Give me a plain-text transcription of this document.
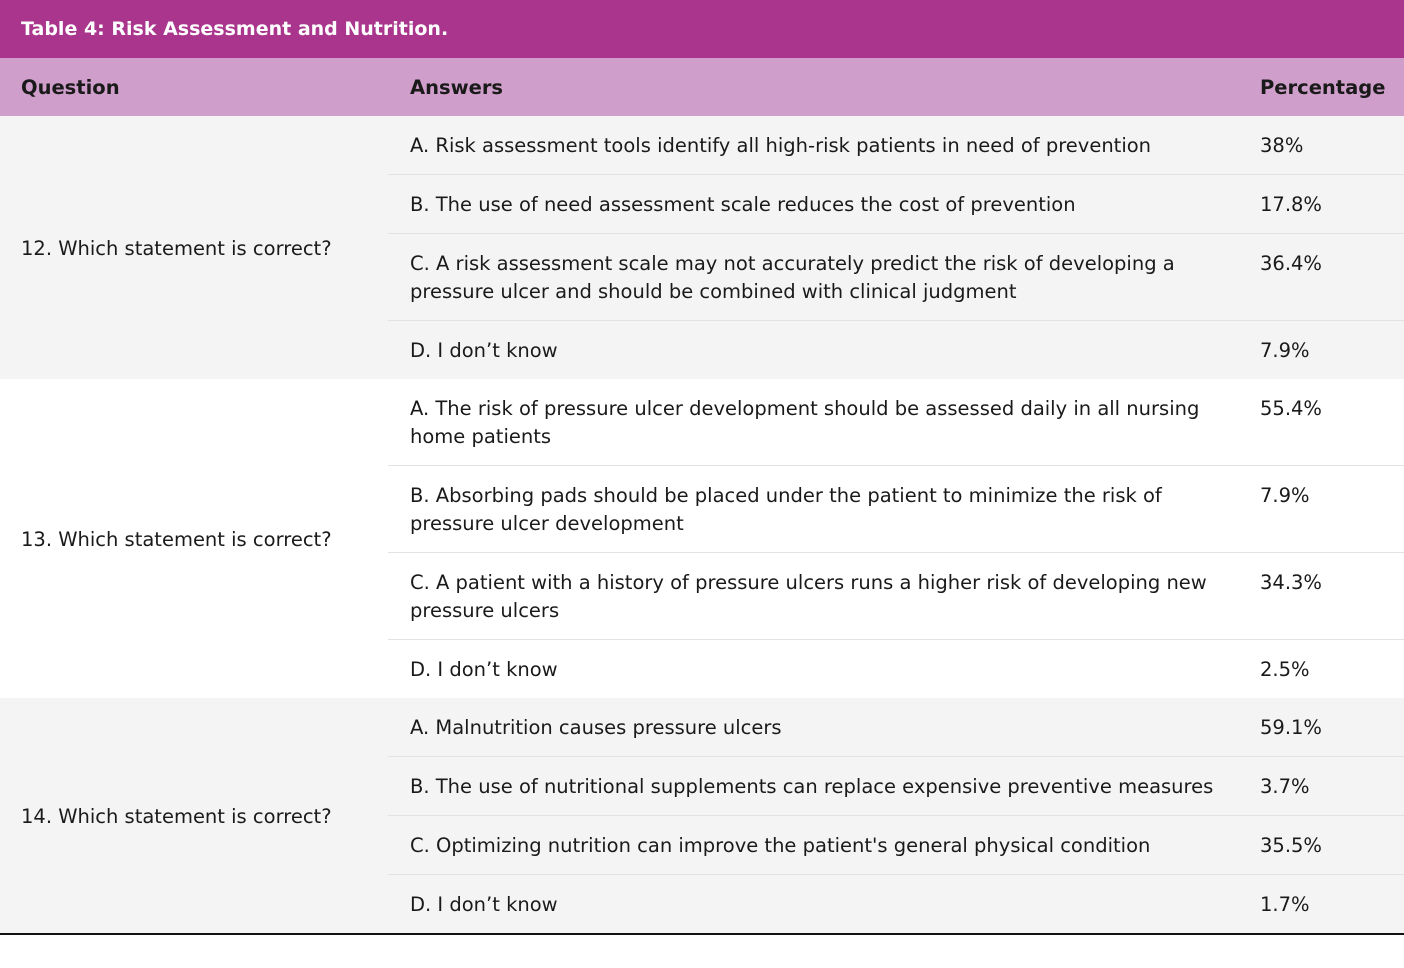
Table 4: Risk Assessment and Nutrition.
Question	Answers	Percentage
12. Which statement is correct?	A. Risk assessment tools identify all high-risk patients in need of prevention	38%
	B. The use of need assessment scale reduces the cost of prevention	17.8%
	C. A risk assessment scale may not accurately predict the risk of developing a pressure ulcer and should be combined with clinical judgment	36.4%
	D. I don’t know	7.9%
13. Which statement is correct?	A. The risk of pressure ulcer development should be assessed daily in all nursing home patients	55.4%
	B. Absorbing pads should be placed under the patient to minimize the risk of pressure ulcer development	7.9%
	C. A patient with a history of pressure ulcers runs a higher risk of developing new pressure ulcers	34.3%
	D. I don’t know	2.5%
14. Which statement is correct?	A. Malnutrition causes pressure ulcers	59.1%
	B. The use of nutritional supplements can replace expensive preventive measures	3.7%
	C. Optimizing nutrition can improve the patient's general physical condition	35.5%
	D. I don’t know	1.7%
